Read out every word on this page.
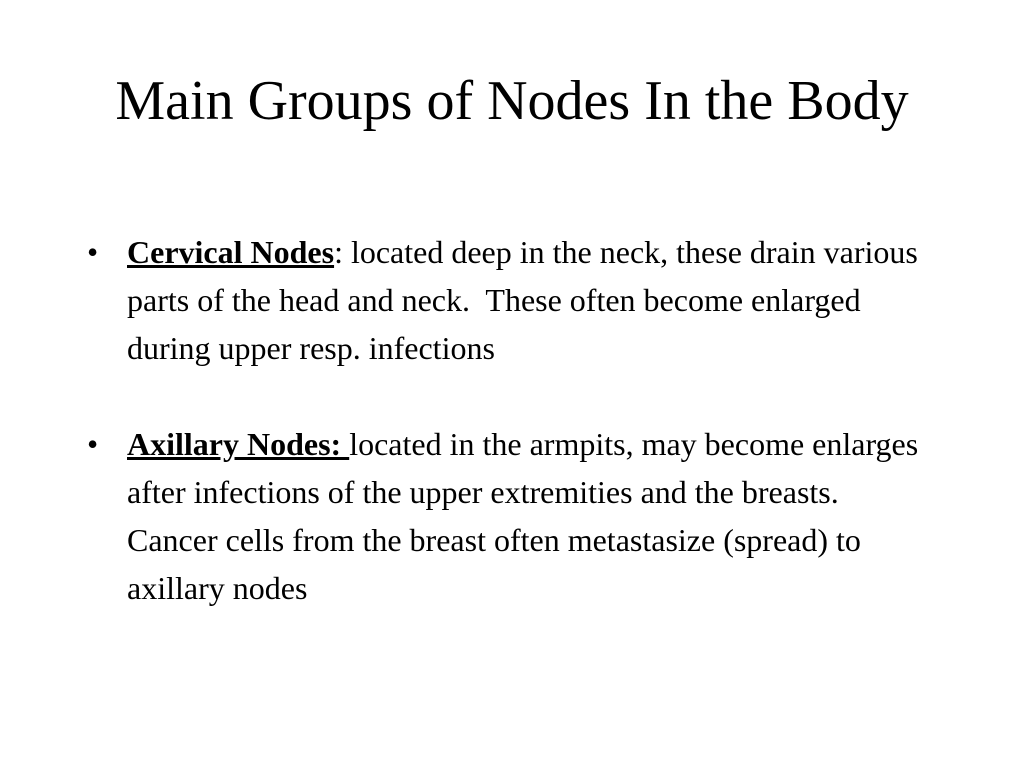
Main Groups of Nodes In the Body
• Cervical Nodes: located deep in the neck, these drain various parts of the head and neck.  These often become enlarged during upper resp. infections
• Axillary Nodes: located in the armpits, may become enlarges after infections of the upper extremities and the breasts.  Cancer cells from the breast often metastasize (spread) to axillary nodes
